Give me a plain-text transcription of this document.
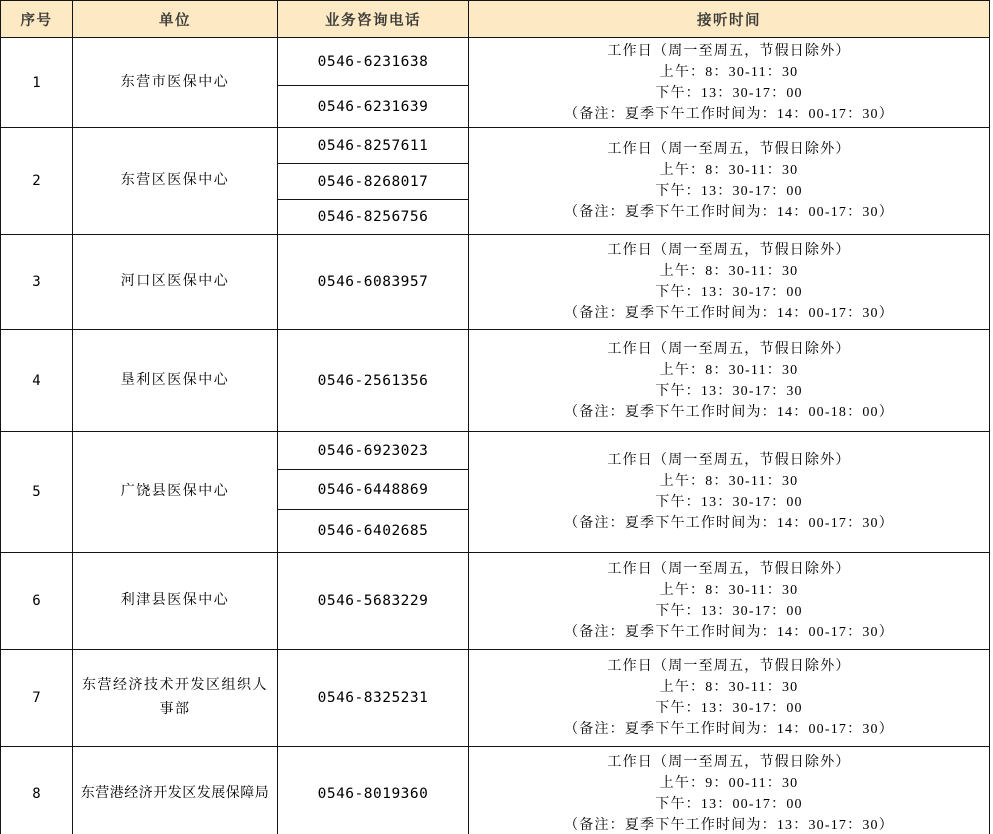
序号	单位	业务咨询电话	接听时间
1	东营市医保中心	0546-6231638	工作日（周一至周五，节假日除外）
上午：8：30-11：30
下午：13：30-17：00
（备注：夏季下午工作时间为：14：00-17：30）

		0546-6231639	
2	东营区医保中心	0546-8257611	工作日（周一至周五，节假日除外）
上午：8：30-11：30
下午：13：30-17：00
（备注：夏季下午工作时间为：14：00-17：30）

		0546-8268017	
		0546-8256756	
3	河口区医保中心	0546-6083957	工作日（周一至周五，节假日除外）
上午：8：30-11：30
下午：13：30-17：00
（备注：夏季下午工作时间为：14：00-17：30）

4	垦利区医保中心	0546-2561356	工作日（周一至周五，节假日除外）
上午：8：30-11：30
下午：13：30-17：30
（备注：夏季下午工作时间为：14：00-18：00）

5	广饶县医保中心	0546-6923023	工作日（周一至周五，节假日除外）
上午：8：30-11：30
下午：13：30-17：00
（备注：夏季下午工作时间为：14：00-17：30）

		0546-6448869	
		0546-6402685	
6	利津县医保中心	0546-5683229	工作日（周一至周五，节假日除外）
上午：8：30-11：30
下午：13：30-17：00
（备注：夏季下午工作时间为：14：00-17：30）

7	东营经济技术开发区组织人事部	0546-8325231	工作日（周一至周五，节假日除外）
上午：8：30-11：30
下午：13：30-17：00
（备注：夏季下午工作时间为：14：00-17：30）

8	东营港经济开发区发展保障局	0546-8019360	工作日（周一至周五，节假日除外）
上午：9：00-11：30
下午：13：00-17：00
（备注：夏季下午工作时间为：13：30-17：30）
